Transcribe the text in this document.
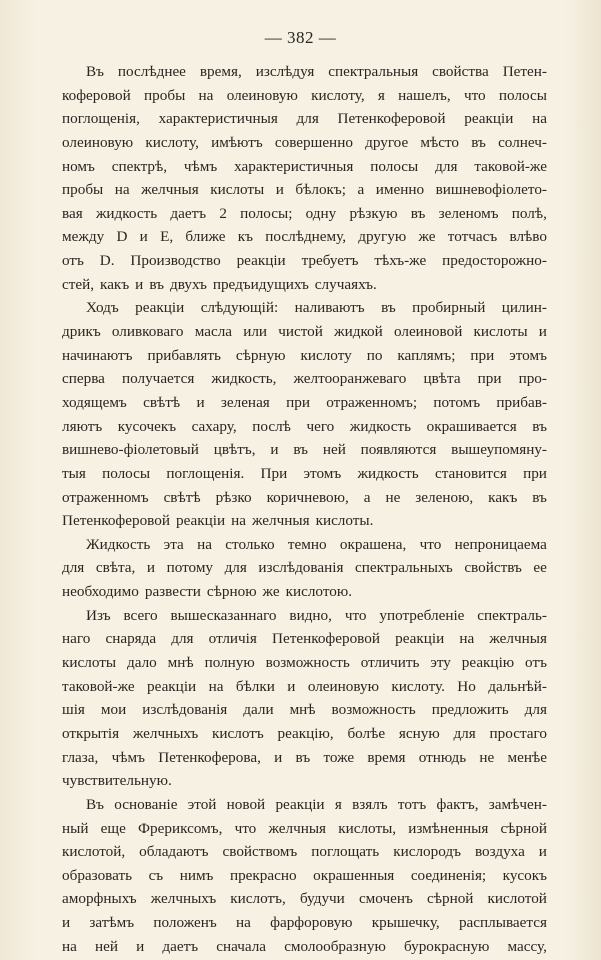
— 382 —
Въ послѣднее время, изслѣдуя спектральныя свойства Петен-
коферовой пробы на олеиновую кислоту, я нашелъ, что полосы
поглощенія, характеристичныя для Петенкоферовой реакціи на
олеиновую кислоту, имѣютъ совершенно другое мѣсто въ солнеч-
номъ спектрѣ, чѣмъ характеристичныя полосы для таковой-же
пробы на желчныя кислоты и бѣлокъ; а именно вишневофіолето-
вая жидкость даетъ 2 полосы; одну рѣзкую въ зеленомъ полѣ,
между D и E, ближе къ послѣднему, другую же тотчасъ влѣво
отъ D. Производство реакціи требуетъ тѣхъ-же предосторожно-
стей, какъ и въ двухъ предъидущихъ случаяхъ.
Ходъ реакціи слѣдующій: наливаютъ въ пробирный цилин-
дрикъ оливковаго масла или чистой жидкой олеиновой кислоты и
начинаютъ прибавлять сѣрную кислоту по каплямъ; при этомъ
сперва получается жидкость, желтооранжеваго цвѣта при про-
ходящемъ свѣтѣ и зеленая при отраженномъ; потомъ прибав-
ляютъ кусочекъ сахару, послѣ чего жидкость окрашивается въ
вишнево-фіолетовый цвѣтъ, и въ ней появляются вышеупомяну-
тыя полосы поглощенія. При этомъ жидкость становится при
отраженномъ свѣтѣ рѣзко коричневою, а не зеленою, какъ въ
Петенкоферовой реакціи на желчныя кислоты.
Жидкость эта на столько темно окрашена, что непроницаема
для свѣта, и потому для изслѣдованія спектральныхъ свойствъ ее
необходимо развести сѣрною же кислотою.
Изъ всего вышесказаннаго видно, что употребленіе спектраль-
наго снаряда для отличія Петенкоферовой реакціи на желчныя
кислоты дало мнѣ полную возможность отличить эту реакцію отъ
таковой-же реакціи на бѣлки и олеиновую кислоту. Но дальнѣй-
шія мои изслѣдованія дали мнѣ возможность предложить для
открытія желчныхъ кислотъ реакцію, болѣе ясную для простаго
глаза, чѣмъ Петенкоферова, и въ тоже время отнюдь не менѣе
чувствительную.
Въ основаніе этой новой реакціи я взялъ тотъ фактъ, замѣчен-
ный еще Фрериксомъ, что желчныя кислоты, измѣненныя сѣрной
кислотой, обладаютъ свойствомъ поглощать кислородъ воздуха и
образовать съ нимъ прекрасно окрашенныя соединенія; кусокъ
аморфныхъ желчныхъ кислотъ, будучи смоченъ сѣрной кислотой
и затѣмъ положенъ на фарфоровую крышечку, расплывается
на ней и даетъ сначала смолообразную бурокрасную массу,
